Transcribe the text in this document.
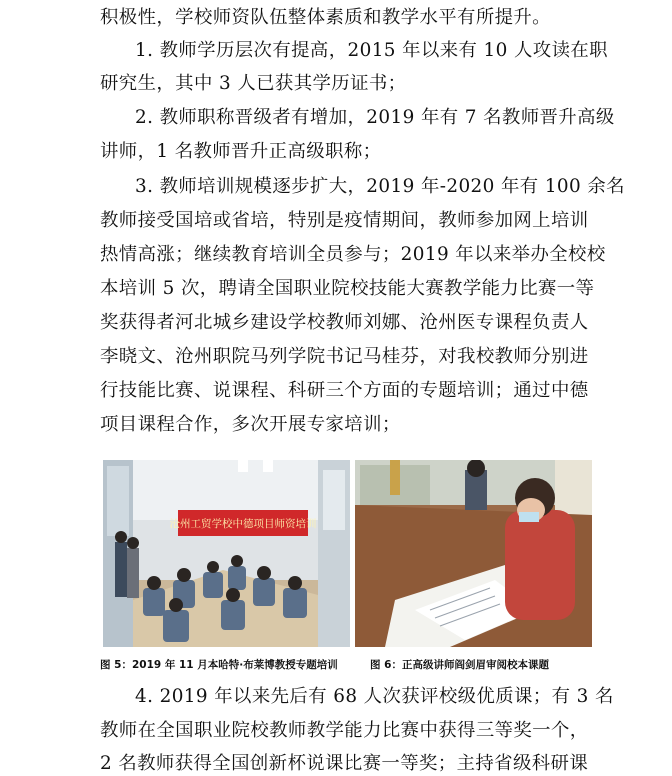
积极性，学校师资队伍整体素质和教学水平有所提升。
1. 教师学历层次有提高，2015 年以来有 10 人攻读在职
研究生，其中 3 人已获其学历证书；
2. 教师职称晋级者有增加，2019 年有 7 名教师晋升高级
讲师，1 名教师晋升正高级职称；
3. 教师培训规模逐步扩大，2019 年-2020 年有 100 余名
教师接受国培或省培，特别是疫情期间，教师参加网上培训
热情高涨；继续教育培训全员参与；2019 年以来举办全校校
本培训 5 次，聘请全国职业院校技能大赛教学能力比赛一等
奖获得者河北城乡建设学校教师刘娜、沧州医专课程负责人
李晓文、沧州职院马列学院书记马桂芬，对我校教师分别进
行技能比赛、说课程、科研三个方面的专题培训；通过中德
项目课程合作，多次开展专家培训；
沧州工贸学校中德项目师资培训
图 5：2019 年 11 月本哈特·布莱博教授专题培训	图 6：正高级讲师阎剑眉审阅校本课题
4. 2019 年以来先后有 68 人次获评校级优质课；有 3 名
教师在全国职业院校教师教学能力比赛中获得三等奖一个，
2 名教师获得全国创新杯说课比赛一等奖；主持省级科研课
